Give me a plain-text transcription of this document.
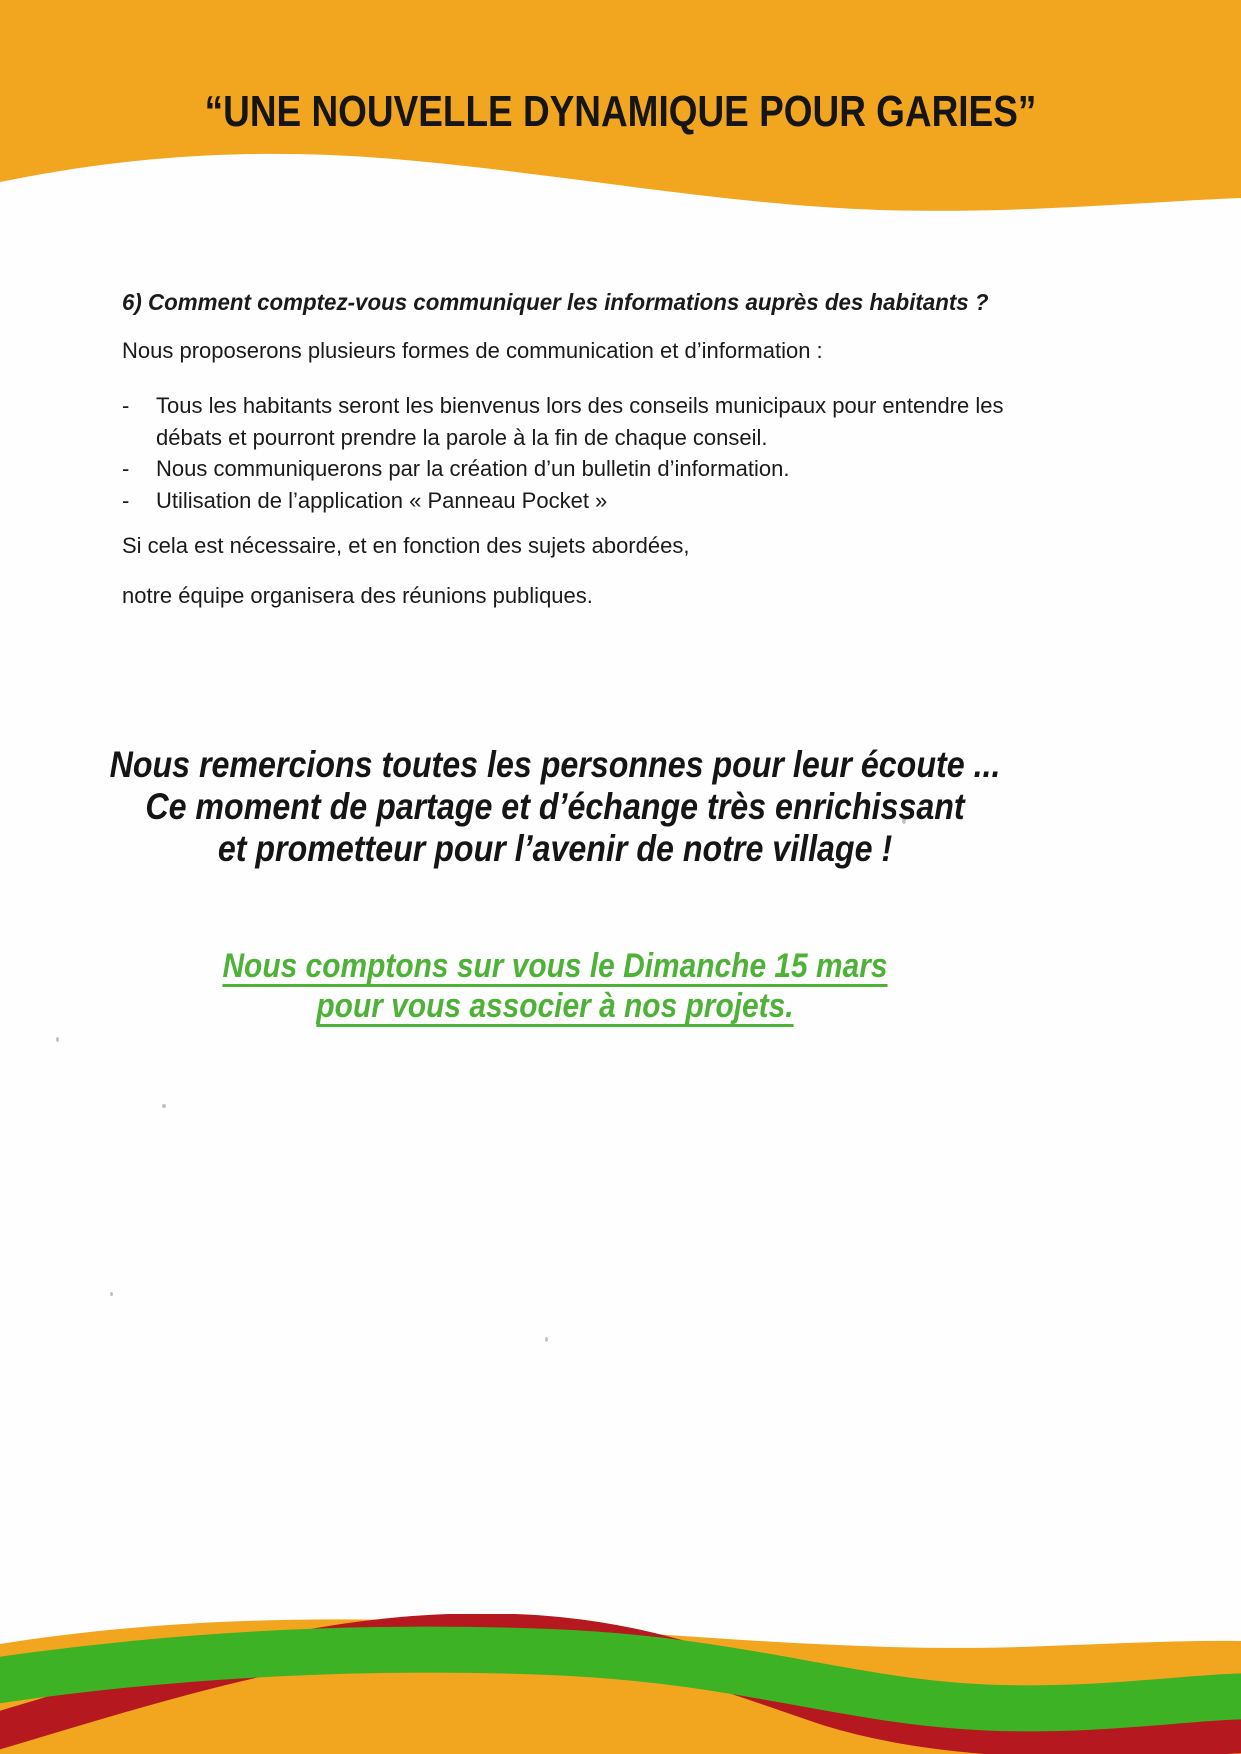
“UNE NOUVELLE DYNAMIQUE POUR GARIES”
6) Comment comptez-vous communiquer les informations auprès des habitants ?

Nous proposerons plusieurs formes de communication et d’information :

-	Tous les habitants seront les bienvenus lors des conseils municipaux pour entendre les débats et pourront prendre la parole à la fin de chaque conseil.
-	Nous communiquerons par la création d’un bulletin d’information.
-	Utilisation de l’application « Panneau Pocket »

Si cela est nécessaire, et en fonction des sujets abordées,

notre équipe organisera des réunions publiques.

Nous remercions toutes les personnes pour leur écoute ...
Ce moment de partage et d’échange très enrichissant
et prometteur pour l’avenir de notre village !
Nous comptons sur vous le Dimanche 15 mars
pour vous associer à nos projets.
